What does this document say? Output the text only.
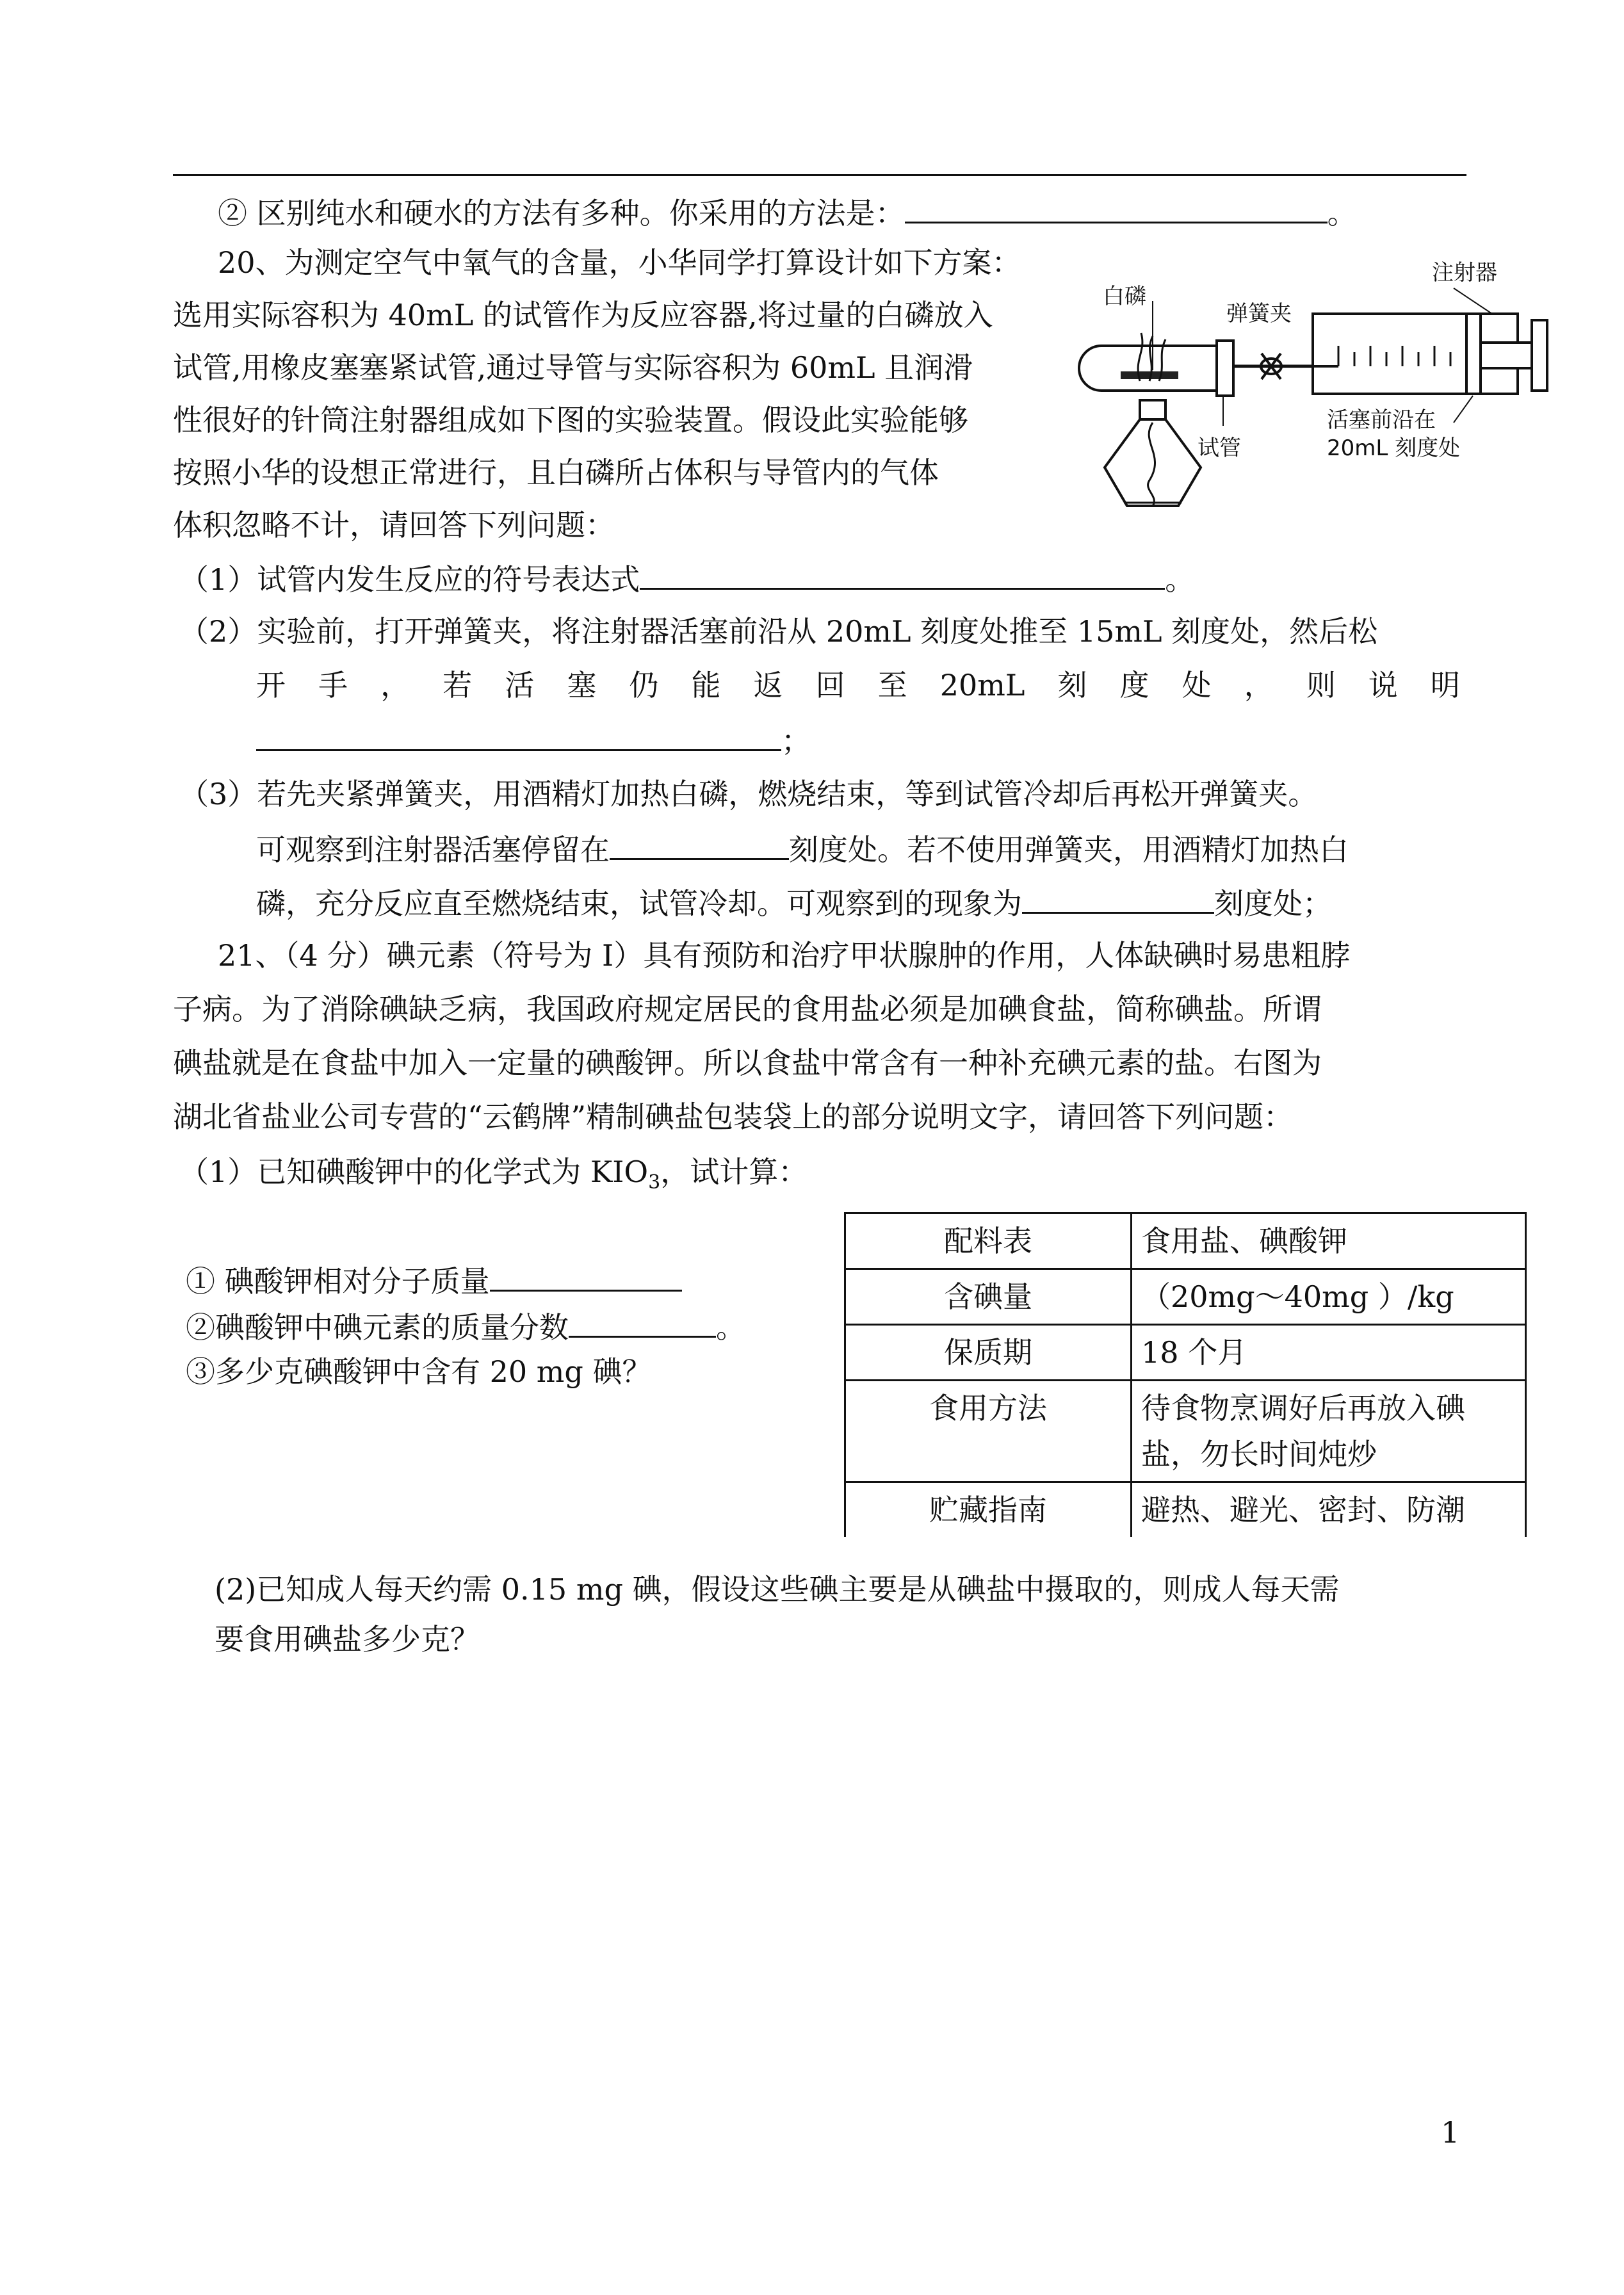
② 区别纯水和硬水的方法有多种。你采用的方法是：	。
20、为测定空气中氧气的含量，小华同学打算设计如下方案：
选用实际容积为 40mL 的试管作为反应容器,将过量的白磷放入
试管,用橡皮塞塞紧试管,通过导管与实际容积为 60mL 且润滑
性很好的针筒注射器组成如下图的实验装置。假设此实验能够
按照小华的设想正常进行，且白磷所占体积与导管内的气体
体积忽略不计，请回答下列问题：
白磷
弹簧夹
注射器
试管
活塞前沿在
20mL 刻度处
（1）试管内发生反应的符号表达式	。
（2）实验前，打开弹簧夹，将注射器活塞前沿从 20mL 刻度处推至 15mL 刻度处，然后松
开 手 ， 若 活 塞 仍 能 返 回 至 20mL 刻 度 处 ， 则 说 明
；
（3）若先夹紧弹簧夹，用酒精灯加热白磷，燃烧结束，等到试管冷却后再松开弹簧夹。
可观察到注射器活塞停留在	刻度处。若不使用弹簧夹，用酒精灯加热白
磷，充分反应直至燃烧结束，试管冷却。可观察到的现象为	刻度处；
21、（4 分）碘元素（符号为 I）具有预防和治疗甲状腺肿的作用，人体缺碘时易患粗脖
子病。为了消除碘缺乏病，我国政府规定居民的食用盐必须是加碘食盐，简称碘盐。所谓
碘盐就是在食盐中加入一定量的碘酸钾。所以食盐中常含有一种补充碘元素的盐。右图为
湖北省盐业公司专营的“云鹤牌”精制碘盐包装袋上的部分说明文字，请回答下列问题：
（1）已知碘酸钾中的化学式为 $KIO_3$，试计算：
① 碘酸钾相对分子质量
②碘酸钾中碘元素的质量分数	。
③多少克碘酸钾中含有 20 mg 碘？
配料表	食用盐、碘酸钾
含碘量	（20mg～40mg ）/kg
保质期	18 个月
食用方法	待食物烹调好后再放入碘盐，勿长时间炖炒
贮藏指南	避热、避光、密封、防潮
(2)已知成人每天约需 0.15 mg 碘，假设这些碘主要是从碘盐中摄取的，则成人每天需
要食用碘盐多少克？
1
